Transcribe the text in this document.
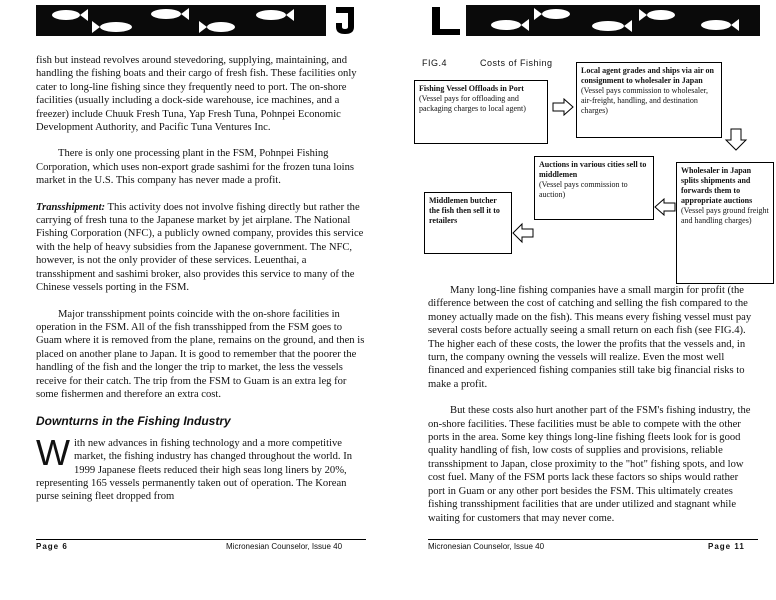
fish but instead revolves around stevedoring, supplying, maintaining, and handling the fishing boats and their cargo of fresh fish. These facilities only cater to long-line fishing since they frequently need to port. The on-shore facilities (usually including a dock-side warehouse, ice machines, and a freezer) include Chuuk Fresh Tuna, Yap Fresh Tuna, Pohnpei Economic Development Authority, and Pacific Tuna Ventures Inc.

There is only one processing plant in the FSM, Pohnpei Fishing Corporation, which uses non-export grade sashimi for the frozen tuna loins market in the U.S. This company has never made a profit.

Transshipment: This activity does not involve fishing directly but rather the carrying of fresh tuna to the Japanese market by jet airplane. The National Fishing Corporation (NFC), a publicly owned company, provides this service with the help of heavy subsidies from the Japanese government. The NFC, however, is not the only provider of these services. Leuenthai, a transshipment and sashimi broker, also provides this service to many of the Chinese vessels porting in the FSM.

Major transshipment points coincide with the on-shore facilities in operation in the FSM. All of the fish transshipped from the FSM goes to Guam where it is removed from the plane, remains on the ground, and then is placed on another plane to Japan. It is good to remember that the poorer the handling of the fish and the longer the trip to market, the less the vessels receive for their catch. The trip from the FSM to Guam is an extra leg for some fishermen and therefore an extra cost.

Downturns in the Fishing Industry

With new advances in fishing technology and a more competitive market, the fishing industry has changed throughout the world. In 1999 Japanese fleets reduced their high seas long liners by 20%, representing 165 vessels permanently taken out of operation. The Korean purse seining fleet dropped from

Page 6	Micronesian Counselor, Issue 40
FIG.4	Costs of Fishing
Fishing Vessel Offloads in Port
(Vessel pays for offloading and packaging charges to local agent)
Local agent grades and ships via air on consignment to wholesaler in Japan
(Vessel pays commission to wholesaler, air-freight, handling, and destination charges)
Wholesaler in Japan splits shipments and forwards them to appropriate auctions
(Vessel pays ground freight and handling charges)
Auctions in various cities sell to middlemen
(Vessel pays commission to auction)
Middlemen butcher the fish then sell it to retailers

Many long-line fishing companies have a small margin for profit (the difference between the cost of catching and selling the fish compared to the money actually made on the fish). This means every fishing vessel must pay several costs before actually seeing a small return on each fish (see FIG.4). The higher each of these costs, the lower the profits that the vessels and, in turn, the company owning the vessels will realize. Even the most well financed and experienced fishing companies still take big financial risks to make a profit.

But these costs also hurt another part of the FSM's fishing industry, the on-shore facilities. These facilities must be able to compete with the other ports in the area. Some key things long-line fishing fleets look for is good quality handling of fish, low costs of supplies and provisions, reliable transshipment to Japan, close proximity to the "hot" fishing spots, and low cost fuel. Many of the FSM ports lack these factors so ships would rather port in Guam or any other port besides the FSM. This ultimately creates fishing transshipment facilities that are under utilized and stagnant while waiting for customers that may never come.

Micronesian Counselor, Issue 40	Page 11
